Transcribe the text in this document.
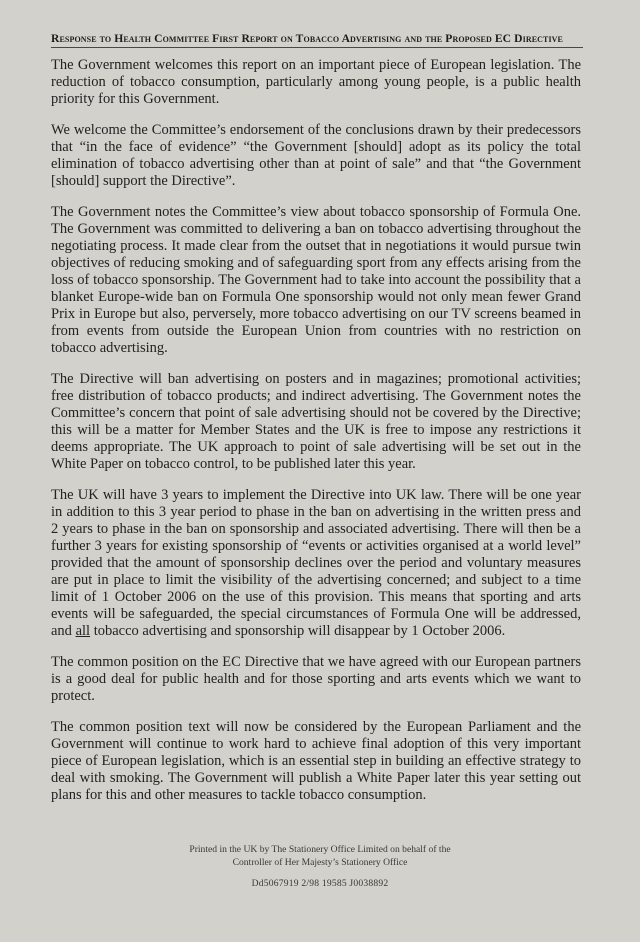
Response to Health Committee First Report on Tobacco Advertising and the Proposed EC Directive

The Government welcomes this report on an important piece of European legislation. The reduction of tobacco consumption, particularly among young people, is a public health priority for this Government.

We welcome the Committee’s endorsement of the conclusions drawn by their predecessors that “in the face of evidence” “the Government [should] adopt as its policy the total elimination of tobacco advertising other than at point of sale” and that “the Government [should] support the Directive”.

The Government notes the Committee’s view about tobacco sponsorship of Formula One. The Government was committed to delivering a ban on tobacco advertising throughout the negotiating process. It made clear from the outset that in negotiations it would pursue twin objectives of reducing smoking and of safeguarding sport from any effects arising from the loss of tobacco sponsorship. The Government had to take into account the possibility that a blanket Europe-wide ban on Formula One sponsorship would not only mean fewer Grand Prix in Europe but also, perversely, more tobacco advertising on our TV screens beamed in from events from outside the European Union from countries with no restriction on tobacco advertising.

The Directive will ban advertising on posters and in magazines; promotional activities; free distribution of tobacco products; and indirect advertising. The Government notes the Committee’s concern that point of sale advertising should not be covered by the Directive; this will be a matter for Member States and the UK is free to impose any restrictions it deems appropriate. The UK approach to point of sale advertising will be set out in the White Paper on tobacco control, to be published later this year.

The UK will have 3 years to implement the Directive into UK law. There will be one year in addition to this 3 year period to phase in the ban on advertising in the written press and 2 years to phase in the ban on sponsorship and associated advertising. There will then be a further 3 years for existing sponsorship of “events or activities organised at a world level” provided that the amount of sponsorship declines over the period and voluntary measures are put in place to limit the visibility of the advertising concerned; and subject to a time limit of 1 October 2006 on the use of this provision. This means that sporting and arts events will be safeguarded, the special circumstances of Formula One will be addressed, and all tobacco advertising and sponsorship will disappear by 1 October 2006.

The common position on the EC Directive that we have agreed with our European partners is a good deal for public health and for those sporting and arts events which we want to protect.

The common position text will now be considered by the European Parliament and the Government will continue to work hard to achieve final adoption of this very important piece of European legislation, which is an essential step in building an effective strategy to deal with smoking. The Government will publish a White Paper later this year setting out plans for this and other measures to tackle tobacco consumption.

Printed in the UK by The Stationery Office Limited on behalf of the
Controller of Her Majesty’s Stationery Office
Dd5067919 2/98 19585 J0038892
